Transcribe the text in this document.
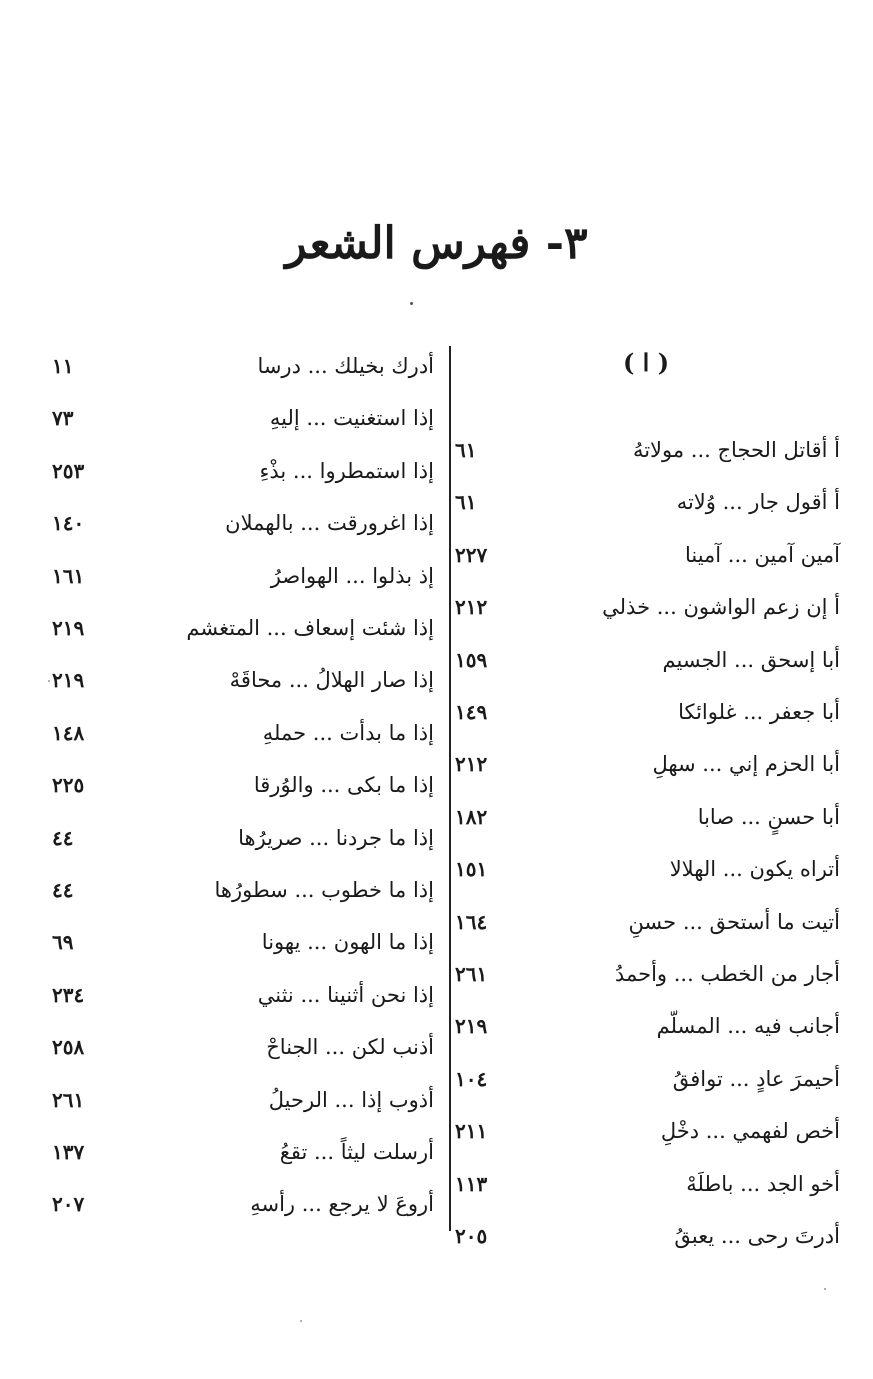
٣- فهرس الشعر
( ا )
أ أقاتل الحجاج ... مولاتهُ
٦١
أ أقول جار ... وُلاته
٦١
آمين آمين ... آمينا
٢٢٧
أ إن زعم الواشون ... خذلي
٢١٢
أبا إسحق ... الجسيم
١٥٩
أبا جعفر ... غلوائكا
١٤٩
أبا الحزم إني ... سهلِ
٢١٢
أبا حسنٍ ... صابا
١٨٢
أتراه يكون ... الهلالا
١٥١
أتيت ما أستحق ... حسنِ
١٦٤
أجار من الخطب ... وأحمدُ
٢٦١
أجانب فيه ... المسلّم
٢١٩
أحيمرَ عادٍ ... توافقُ
١٠٤
أخص لفهمي ... دخْلِ
٢١١
أخو الجد ... باطلَهْ
١١٣
أدرتَ رحى ... يعبقُ
٢٠٥
أدرك بخيلك ... درسا
١١
إذا استغنيت ... إليهِ
٧٣
إذا استمطروا ... بذْءِ
٢٥٣
إذا اغرورقت ... بالهملان
١٤٠
إذ بذلوا ... الهواصرُ
١٦١
إذا شئت إسعاف ... المتغشم
٢١٩
إذا صار الهلالُ ... محاقَهْ
٢١٩
إذا ما بدأت ... حملهِ
١٤٨
إذا ما بكى ... والوُرقا
٢٢٥
إذا ما جردنا ... صريرُها
٤٤
إذا ما خطوب ... سطورُها
٤٤
إذا ما الهون ... يهونا
٦٩
إذا نحن أثنينا ... نثني
٢٣٤
أذنب لكن ... الجناحْ
٢٥٨
أذوب إذا ... الرحيلُ
٢٦١
أرسلت ليثاً ... تقعُ
١٣٧
أروعَ لا يرجع ... رأسهِ
٢٠٧
